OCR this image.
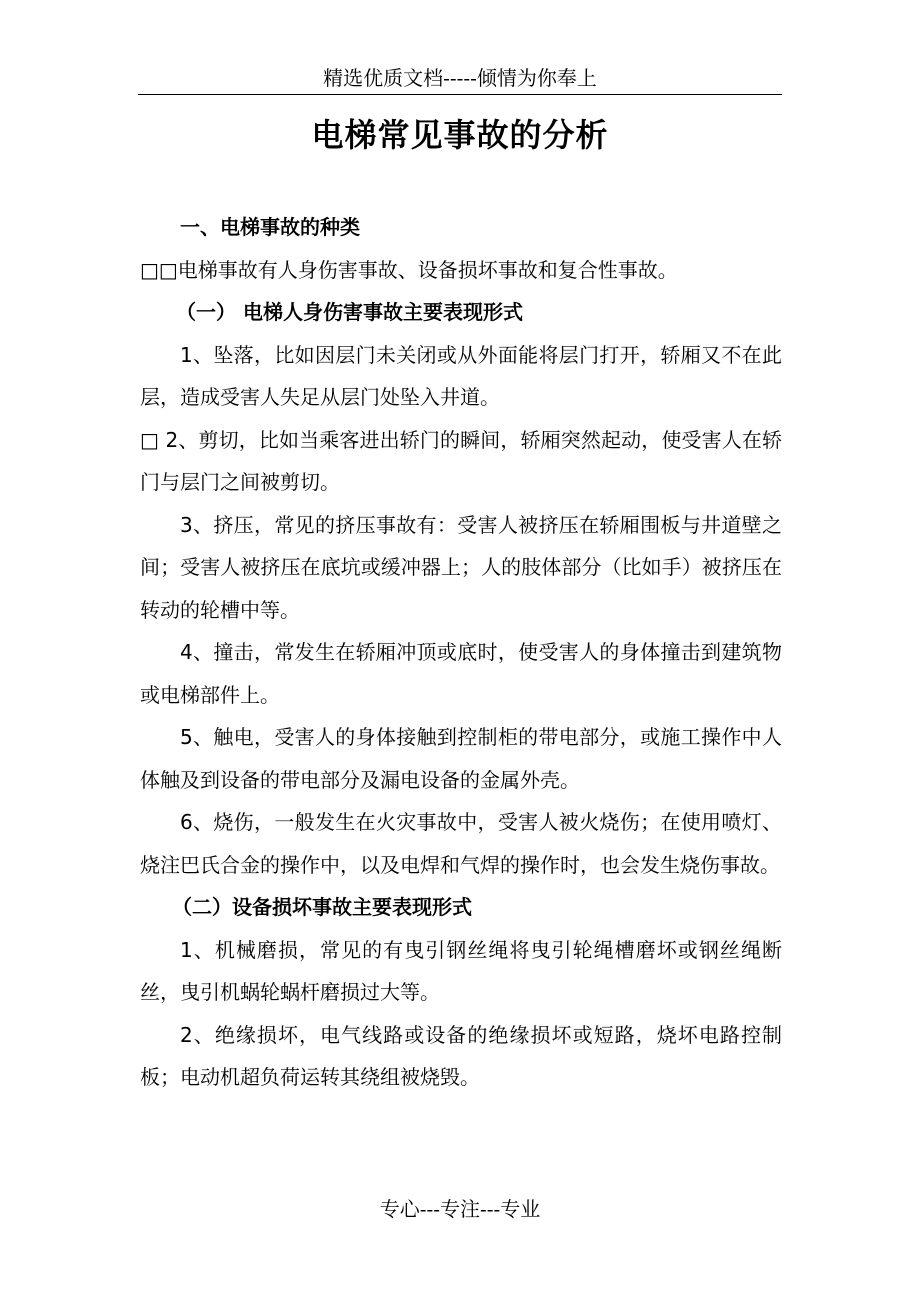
精选优质文档-----倾情为你奉上
电梯常见事故的分析

一、电梯事故的种类

□□电梯事故有人身伤害事故、设备损坏事故和复合性事故。

（一） 电梯人身伤害事故主要表现形式

1、坠落，比如因层门未关闭或从外面能将层门打开，轿厢又不在此层，造成受害人失足从层门处坠入井道。

□ 2、剪切，比如当乘客进出轿门的瞬间，轿厢突然起动，使受害人在轿门与层门之间被剪切。

3、挤压，常见的挤压事故有：受害人被挤压在轿厢围板与井道壁之间；受害人被挤压在底坑或缓冲器上；人的肢体部分（比如手）被挤压在转动的轮槽中等。

4、撞击，常发生在轿厢冲顶或底时，使受害人的身体撞击到建筑物或电梯部件上。

5、触电，受害人的身体接触到控制柜的带电部分，或施工操作中人体触及到设备的带电部分及漏电设备的金属外壳。

6、烧伤，一般发生在火灾事故中，受害人被火烧伤；在使用喷灯、烧注巴氏合金的操作中，以及电焊和气焊的操作时，也会发生烧伤事故。

（二）设备损坏事故主要表现形式

1、机械磨损，常见的有曳引钢丝绳将曳引轮绳槽磨坏或钢丝绳断丝，曳引机蜗轮蜗杆磨损过大等。

2、绝缘损坏，电气线路或设备的绝缘损坏或短路，烧坏电路控制板；电动机超负荷运转其绕组被烧毁。

专心---专注---专业
